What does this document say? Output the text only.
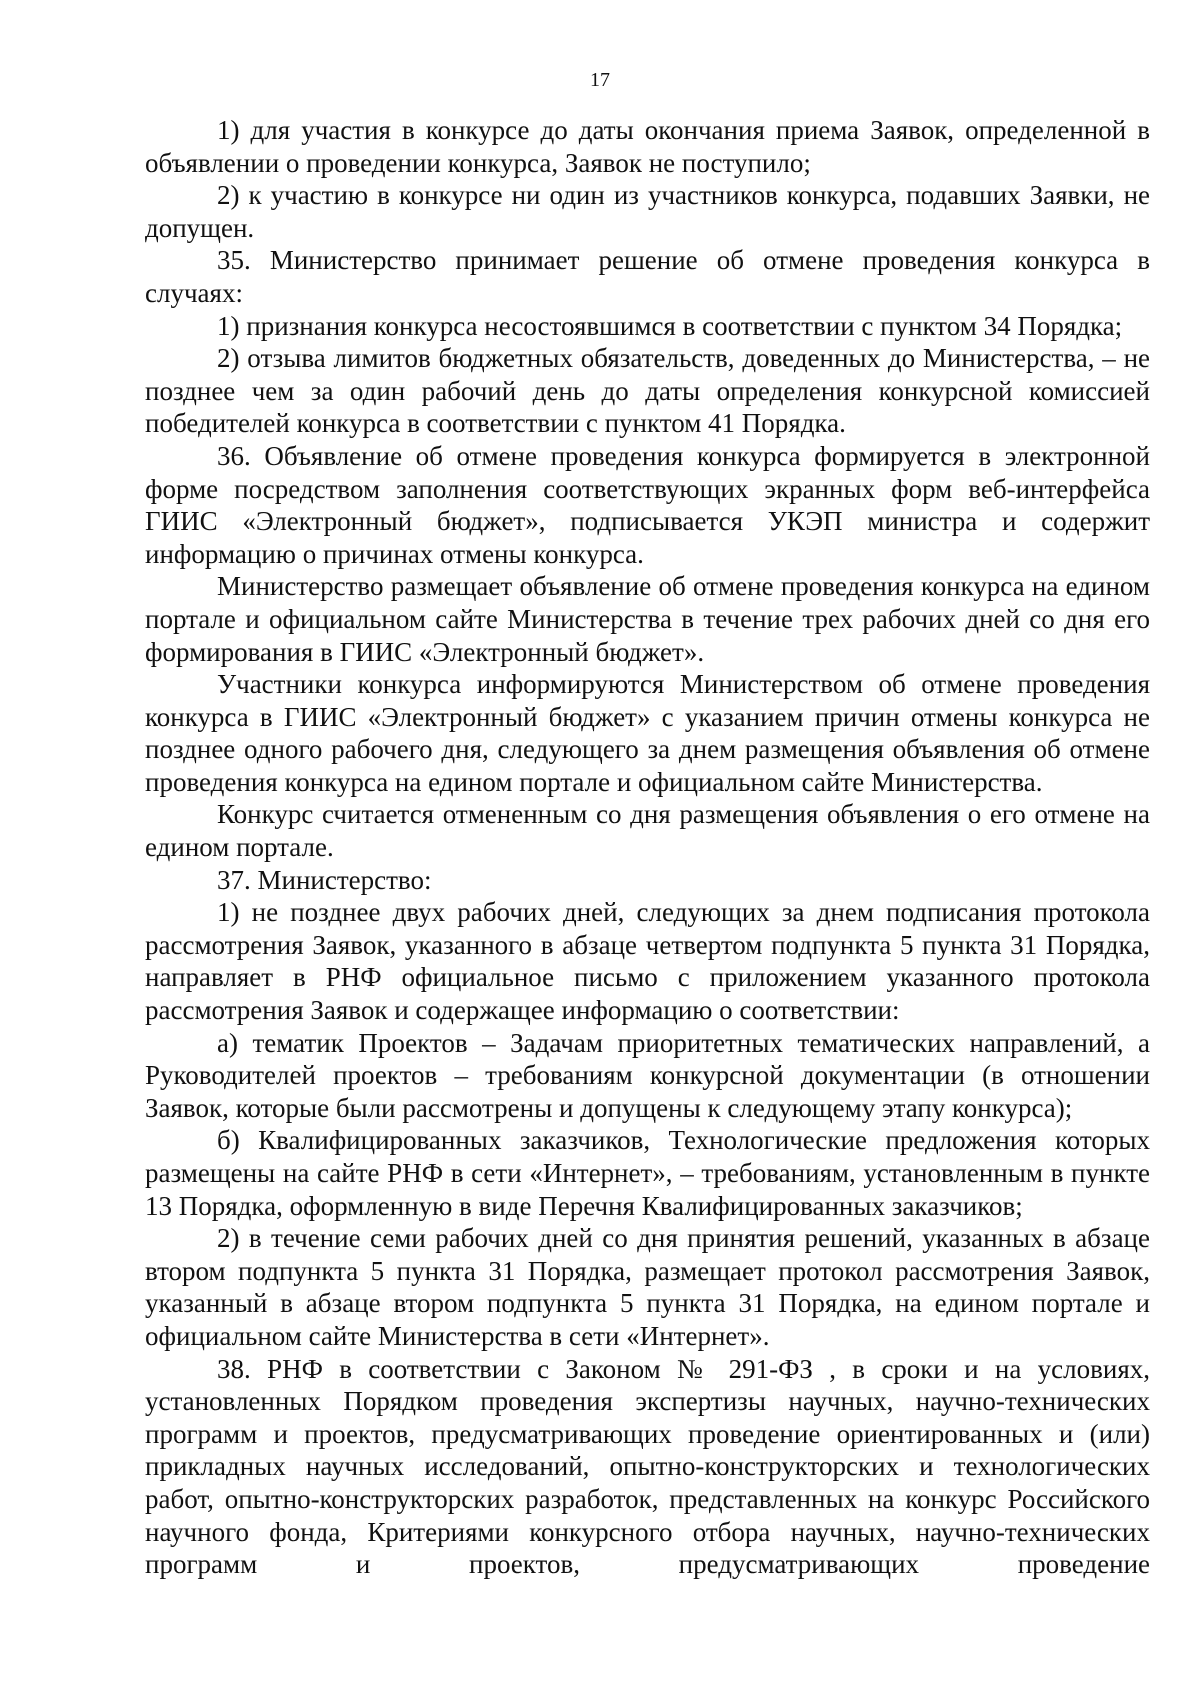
17

1) для участия в конкурсе до даты окончания приема Заявок, определенной в объявлении о проведении конкурса, Заявок не поступило;

2) к участию в конкурсе ни один из участников конкурса, подавших Заявки, не допущен.

35. Министерство принимает решение об отмене проведения конкурса в случаях:

1) признания конкурса несостоявшимся в соответствии с пунктом 34 Порядка;

2) отзыва лимитов бюджетных обязательств, доведенных до Министерства, – не позднее чем за один рабочий день до даты определения конкурсной комиссией победителей конкурса в соответствии с пунктом 41 Порядка.

36. Объявление об отмене проведения конкурса формируется в электронной форме посредством заполнения соответствующих экранных форм веб-интерфейса ГИИС «Электронный бюджет», подписывается УКЭП министра и содержит информацию о причинах отмены конкурса.

Министерство размещает объявление об отмене проведения конкурса на едином портале и официальном сайте Министерства в течение трех рабочих дней со дня его формирования в ГИИС «Электронный бюджет».

Участники конкурса информируются Министерством об отмене проведения конкурса в ГИИС «Электронный бюджет» с указанием причин отмены конкурса не позднее одного рабочего дня, следующего за днем размещения объявления об отмене проведения конкурса на едином портале и официальном сайте Министерства.

Конкурс считается отмененным со дня размещения объявления о его отмене на едином портале.

37. Министерство:

1) не позднее двух рабочих дней, следующих за днем подписания протокола рассмотрения Заявок, указанного в абзаце четвертом подпункта 5 пункта 31 Порядка, направляет в РНФ официальное письмо с приложением указанного протокола рассмотрения Заявок и содержащее информацию о соответствии:

а) тематик Проектов – Задачам приоритетных тематических направлений, а Руководителей проектов – требованиям конкурсной документации (в отношении Заявок, которые были рассмотрены и допущены к следующему этапу конкурса);

б) Квалифицированных заказчиков, Технологические предложения которых размещены на сайте РНФ в сети «Интернет», – требованиям, установленным в пункте 13 Порядка, оформленную в виде Перечня Квалифицированных заказчиков;

2) в течение семи рабочих дней со дня принятия решений, указанных в абзаце втором подпункта 5 пункта 31 Порядка, размещает протокол рассмотрения Заявок, указанный в абзаце втором подпункта 5 пункта 31 Порядка, на едином портале и официальном сайте Министерства в сети «Интернет».

38. РНФ в соответствии с Законом № 291-ФЗ , в сроки и на условиях, установленных Порядком проведения экспертизы научных, научно-технических программ и проектов, предусматривающих проведение ориентированных и (или) прикладных научных исследований, опытно-конструкторских и технологических работ, опытно-конструкторских разработок, представленных на конкурс Российского научного фонда, Критериями конкурсного отбора научных, научно-технических программ и проектов, предусматривающих проведение
